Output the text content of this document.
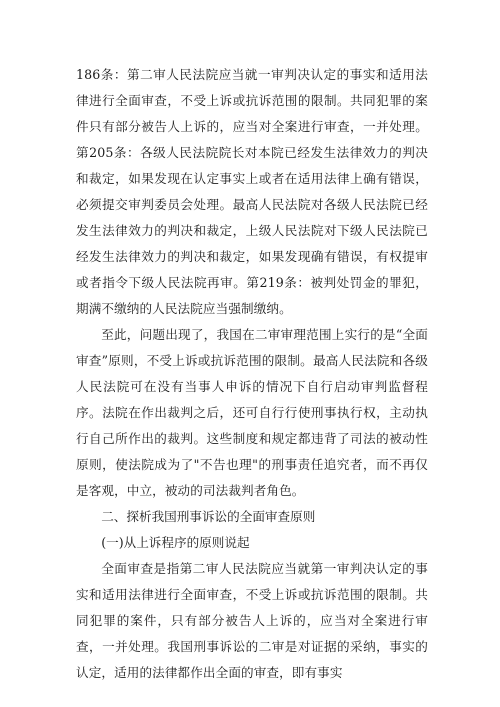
186条：第二审人民法院应当就一审判决认定的事实和适用法律进行全面审查，不受上诉或抗诉范围的限制。共同犯罪的案件只有部分被告人上诉的，应当对全案进行审查，一并处理。第205条：各级人民法院院长对本院已经发生法律效力的判决和裁定，如果发现在认定事实上或者在适用法律上确有错误，必须提交审判委员会处理。最高人民法院对各级人民法院已经发生法律效力的判决和裁定，上级人民法院对下级人民法院已经发生法律效力的判决和裁定，如果发现确有错误，有权提审或者指令下级人民法院再审。第219条：被判处罚金的罪犯，期满不缴纳的人民法院应当强制缴纳。

至此，问题出现了，我国在二审审理范围上实行的是“全面审查”原则，不受上诉或抗诉范围的限制。最高人民法院和各级人民法院可在没有当事人申诉的情况下自行启动审判监督程序。法院在作出裁判之后，还可自行行使刑事执行权，主动执行自己所作出的裁判。这些制度和规定都违背了司法的被动性原则，使法院成为了"不告也理"的刑事责任追究者，而不再仅是客观，中立，被动的司法裁判者角色。

二、探析我国刑事诉讼的全面审查原则

(一)从上诉程序的原则说起

全面审查是指第二审人民法院应当就第一审判决认定的事实和适用法律进行全面审查，不受上诉或抗诉范围的限制。共同犯罪的案件，只有部分被告人上诉的，应当对全案进行审查，一并处理。我国刑事诉讼的二审是对证据的采纳，事实的认定，适用的法律都作出全面的审查，即有事实
